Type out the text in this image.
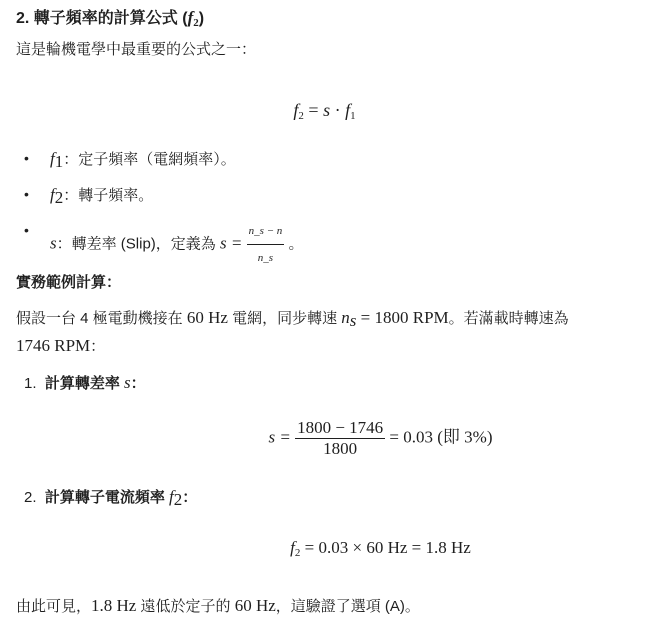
2. 轉子頻率的計算公式 $(f_2)$
這是輪機電學中最重要的公式之一：
$f_2 = s \cdot f_1$
• $f_1$：定子頻率（電網頻率）。
• $f_2$：轉子頻率。
•
s：轉差率 (Slip)，定義為 $s = \frac{n\_s - n}{n\_s}$ 。
實務範例計算：
假設一台 4 極電動機接在 60 Hz 電網，同步轉速 $n_s = 1800$ RPM。若滿載時轉速為
1746 RPM：
1. 計算轉差率 s：
$s = \frac{1800 - 1746}{1800} = 0.03$ (即 3%)
2. 計算轉子電流頻率 $f_2$：
$f_2 = 0.03 \times 60$ Hz = 1.8 Hz
由此可見，1.8 Hz 遠低於定子的 60 Hz，這驗證了選項 (A)。
